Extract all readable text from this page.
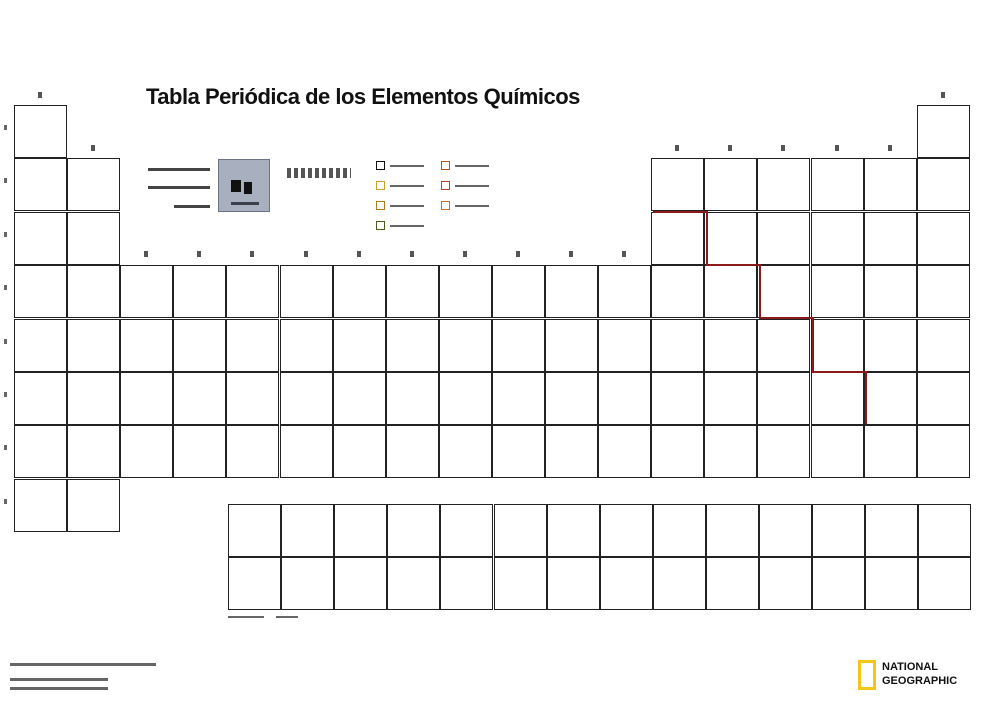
Tabla Periódica de los Elementos Químicos
NATIONAL
GEOGRAPHIC
